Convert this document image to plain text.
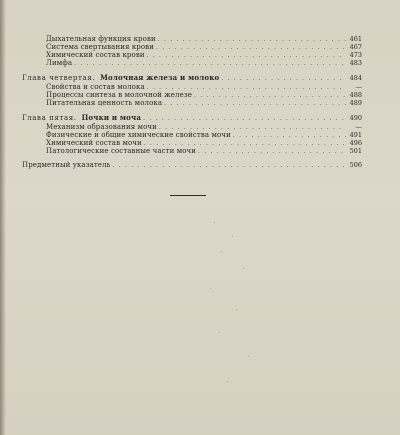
Дыхательная функция крови . . .	461
Система свертывания крови . . .	467
Химический состав крови . . .	473
Лимфа . . .	483
Глава четвертая. Молочная железа и молоко . . .	484
Свойства и состав молока . . .	—
Процессы синтеза в молочной железе . . .	488
Питательная ценность молока . . .	489
Глава пятая. Почки и моча . . .	490
Механизм образования мочи . . .	—
Физические и общие химические свойства мочи . . .	491
Химический состав мочи . . .	496
Патологические составные части мочи . . .	501
Предметный указатель . . .	506
